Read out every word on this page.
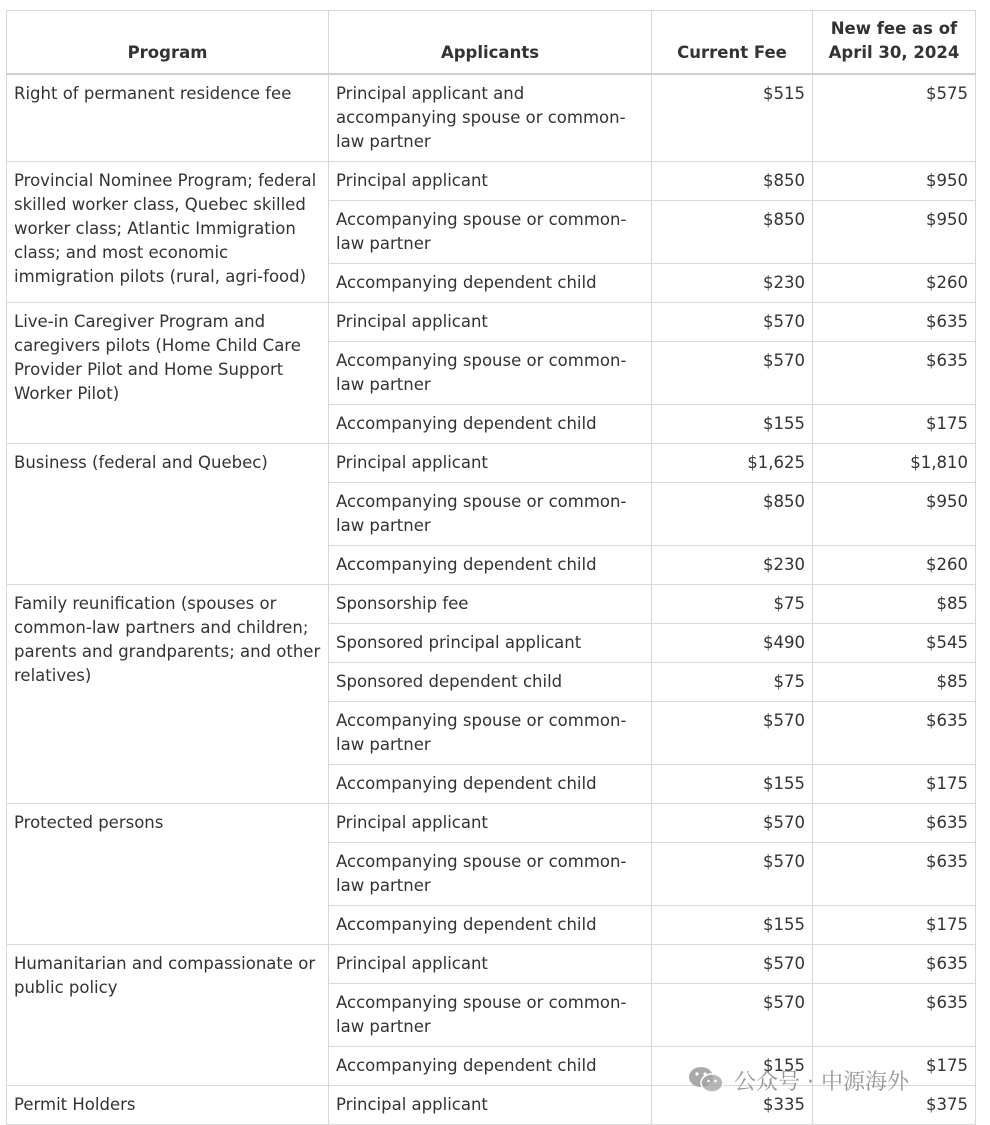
Program	Applicants	Current Fee	New fee as of April 30, 2024
Right of permanent residence fee	Principal applicant and accompanying spouse or common-law partner	$515	$575
Provincial Nominee Program; federal skilled worker class, Quebec skilled worker class; Atlantic Immigration class; and most economic immigration pilots (rural, agri-food)	Principal applicant	$850	$950
	Accompanying spouse or common-law partner	$850	$950
	Accompanying dependent child	$230	$260
Live-in Caregiver Program and caregivers pilots (Home Child Care Provider Pilot and Home Support Worker Pilot)	Principal applicant	$570	$635
	Accompanying spouse or common-law partner	$570	$635
	Accompanying dependent child	$155	$175
Business (federal and Quebec)	Principal applicant	$1,625	$1,810
	Accompanying spouse or common-law partner	$850	$950
	Accompanying dependent child	$230	$260
Family reunification (spouses or common-law partners and children; parents and grandparents; and other relatives)	Sponsorship fee	$75	$85
	Sponsored principal applicant	$490	$545
	Sponsored dependent child	$75	$85
	Accompanying spouse or common-law partner	$570	$635
	Accompanying dependent child	$155	$175
Protected persons	Principal applicant	$570	$635
	Accompanying spouse or common-law partner	$570	$635
	Accompanying dependent child	$155	$175
Humanitarian and compassionate or public policy	Principal applicant	$570	$635
	Accompanying spouse or common-law partner	$570	$635
	Accompanying dependent child	$155	$175
Permit Holders	Principal applicant	$335	$375
公众号 · 中源海外
